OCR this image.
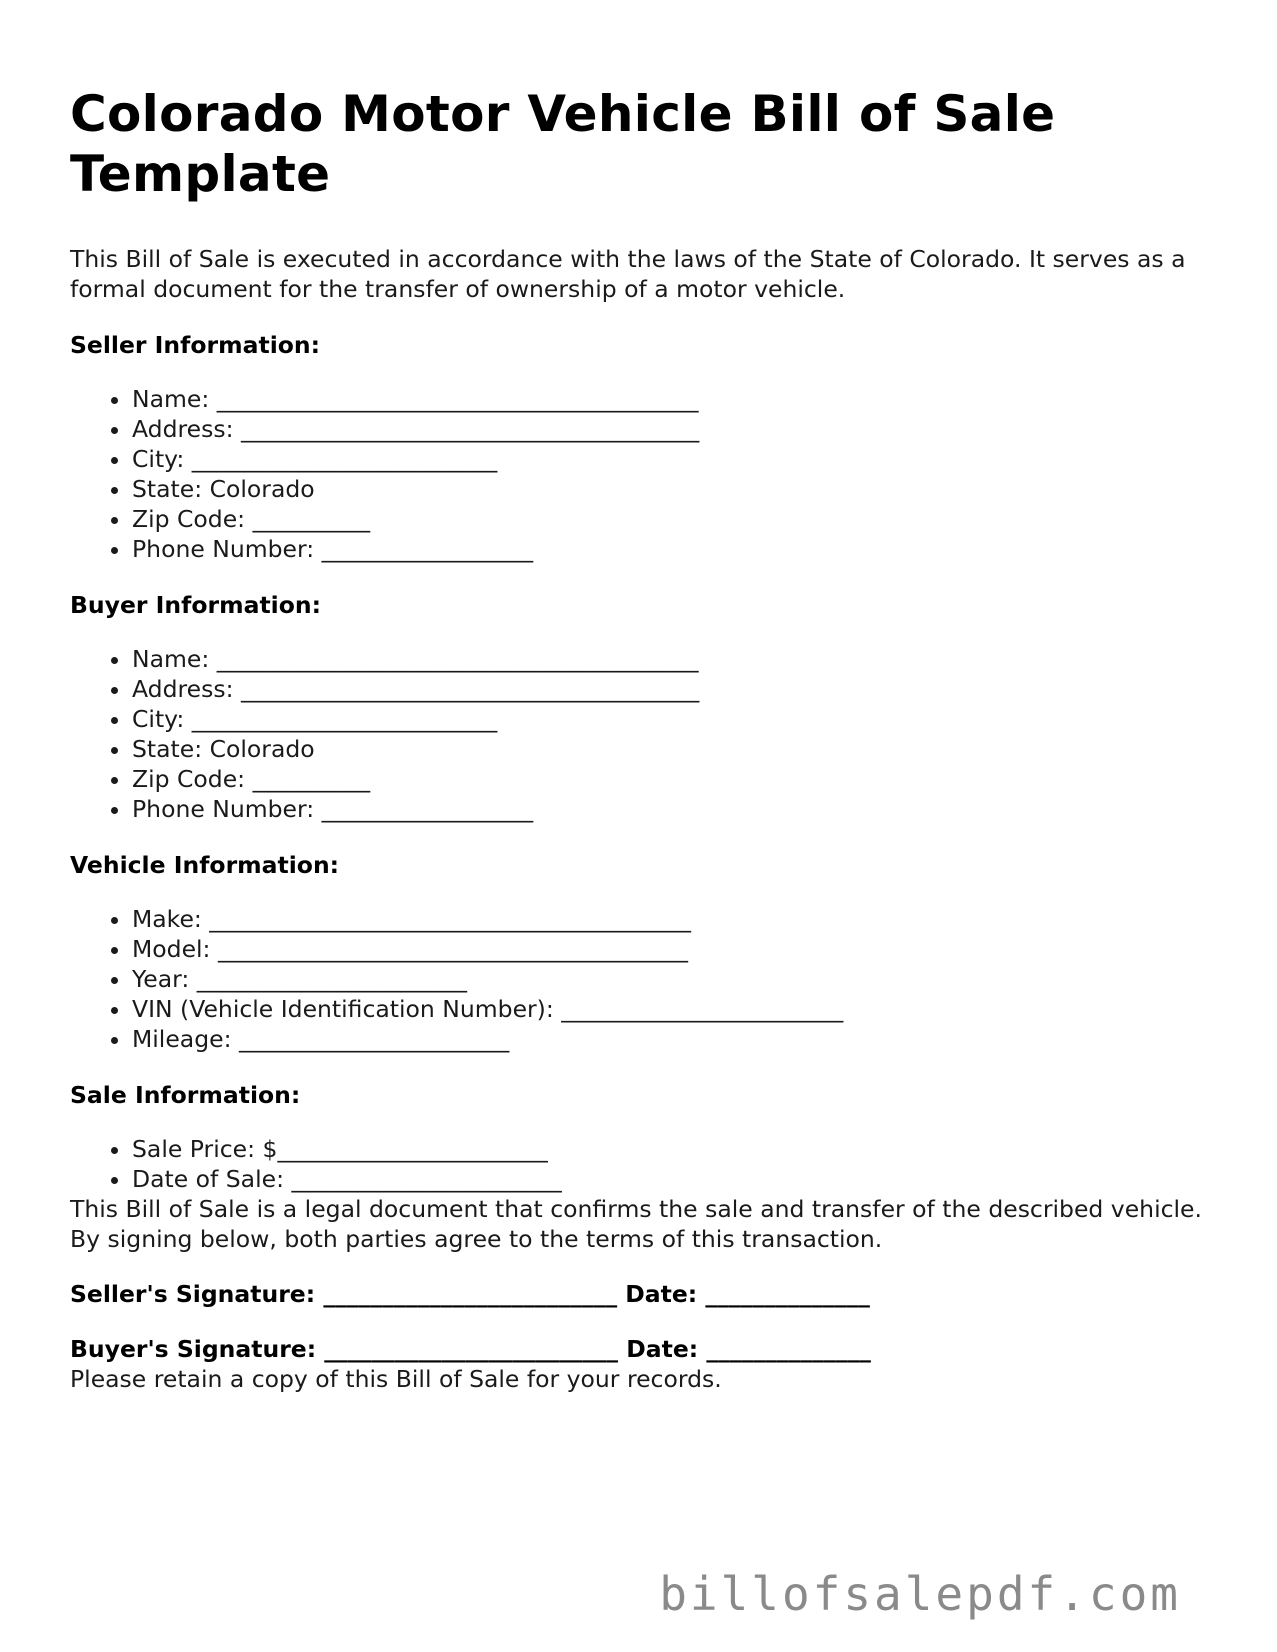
Colorado Motor Vehicle Bill of Sale Template

This Bill of Sale is executed in accordance with the laws of the State of Colorado. It serves as a formal document for the transfer of ownership of a motor vehicle.

Seller Information:
• Name: _________________________________________
• Address: _______________________________________
• City: __________________________
• State: Colorado
• Zip Code: __________
• Phone Number: __________________
Buyer Information:
• Name: _________________________________________
• Address: _______________________________________
• City: __________________________
• State: Colorado
• Zip Code: __________
• Phone Number: __________________
Vehicle Information:
• Make: _________________________________________
• Model: ________________________________________
• Year: _______________________
• VIN (Vehicle Identification Number): ________________________
• Mileage: _______________________
Sale Information:
• Sale Price: $_______________________
• Date of Sale: _______________________

This Bill of Sale is a legal document that confirms the sale and transfer of the described vehicle. By signing below, both parties agree to the terms of this transaction.

Seller's Signature: _________________________ Date: ______________

Buyer's Signature: _________________________ Date: ______________

Please retain a copy of this Bill of Sale for your records.

billofsalepdf.com
